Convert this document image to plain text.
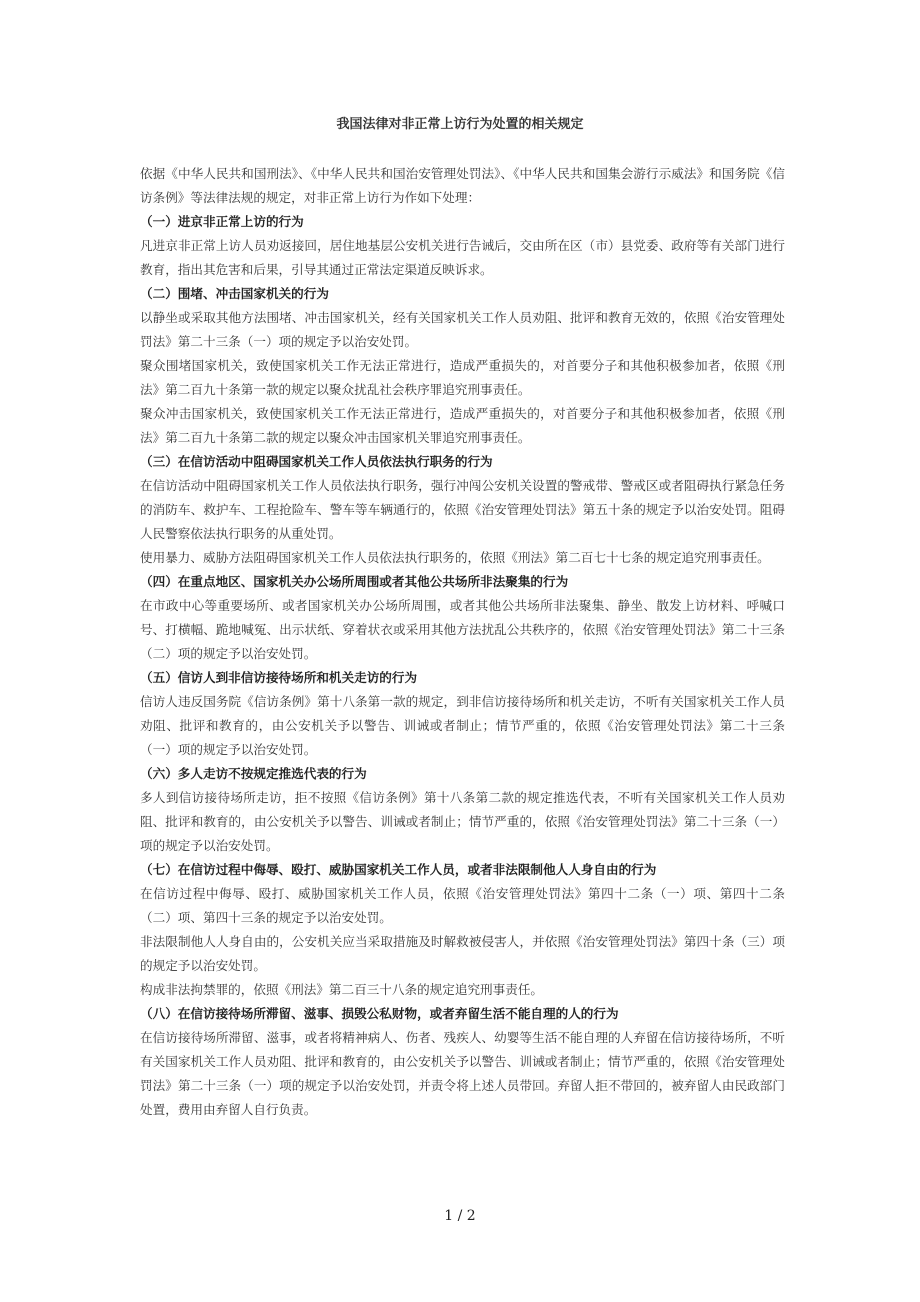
我国法律对非正常上访行为处置的相关规定

依据《中华人民共和国刑法》、《中华人民共和国治安管理处罚法》、《中华人民共和国集会游行示威法》和国务院《信访条例》等法律法规的规定，对非正常上访行为作如下处理：

（一）进京非正常上访的行为

凡进京非正常上访人员劝返接回，居住地基层公安机关进行告诫后，交由所在区（市）县党委、政府等有关部门进行教育，指出其危害和后果，引导其通过正常法定渠道反映诉求。

（二）围堵、冲击国家机关的行为

以静坐或采取其他方法围堵、冲击国家机关，经有关国家机关工作人员劝阻、批评和教育无效的，依照《治安管理处罚法》第二十三条（一）项的规定予以治安处罚。

聚众围堵国家机关，致使国家机关工作无法正常进行，造成严重损失的，对首要分子和其他积极参加者，依照《刑法》第二百九十条第一款的规定以聚众扰乱社会秩序罪追究刑事责任。

聚众冲击国家机关，致使国家机关工作无法正常进行，造成严重损失的，对首要分子和其他积极参加者，依照《刑法》第二百九十条第二款的规定以聚众冲击国家机关罪追究刑事责任。

（三）在信访活动中阻碍国家机关工作人员依法执行职务的行为

在信访活动中阻碍国家机关工作人员依法执行职务，强行冲闯公安机关设置的警戒带、警戒区或者阻碍执行紧急任务的消防车、救护车、工程抢险车、警车等车辆通行的，依照《治安管理处罚法》第五十条的规定予以治安处罚。阻碍人民警察依法执行职务的从重处罚。

使用暴力、威胁方法阻碍国家机关工作人员依法执行职务的，依照《刑法》第二百七十七条的规定追究刑事责任。

（四）在重点地区、国家机关办公场所周围或者其他公共场所非法聚集的行为

在市政中心等重要场所、或者国家机关办公场所周围，或者其他公共场所非法聚集、静坐、散发上访材料、呼喊口号、打横幅、跪地喊冤、出示状纸、穿着状衣或采用其他方法扰乱公共秩序的，依照《治安管理处罚法》第二十三条（二）项的规定予以治安处罚。

（五）信访人到非信访接待场所和机关走访的行为

信访人违反国务院《信访条例》第十八条第一款的规定，到非信访接待场所和机关走访，不听有关国家机关工作人员劝阻、批评和教育的，由公安机关予以警告、训诫或者制止；情节严重的，依照《治安管理处罚法》第二十三条（一）项的规定予以治安处罚。

（六）多人走访不按规定推选代表的行为

多人到信访接待场所走访，拒不按照《信访条例》第十八条第二款的规定推选代表，不听有关国家机关工作人员劝阻、批评和教育的，由公安机关予以警告、训诫或者制止；情节严重的，依照《治安管理处罚法》第二十三条（一）项的规定予以治安处罚。

（七）在信访过程中侮辱、殴打、威胁国家机关工作人员，或者非法限制他人人身自由的行为

在信访过程中侮辱、殴打、威胁国家机关工作人员，依照《治安管理处罚法》第四十二条（一）项、第四十二条（二）项、第四十三条的规定予以治安处罚。

非法限制他人人身自由的，公安机关应当采取措施及时解救被侵害人，并依照《治安管理处罚法》第四十条（三）项的规定予以治安处罚。

构成非法拘禁罪的，依照《刑法》第二百三十八条的规定追究刑事责任。

（八）在信访接待场所滞留、滋事、损毁公私财物，或者弃留生活不能自理的人的行为

在信访接待场所滞留、滋事，或者将精神病人、伤者、残疾人、幼婴等生活不能自理的人弃留在信访接待场所，不听有关国家机关工作人员劝阻、批评和教育的，由公安机关予以警告、训诫或者制止；情节严重的，依照《治安管理处罚法》第二十三条（一）项的规定予以治安处罚，并责令将上述人员带回。弃留人拒不带回的，被弃留人由民政部门处置，费用由弃留人自行负责。

1 / 2
